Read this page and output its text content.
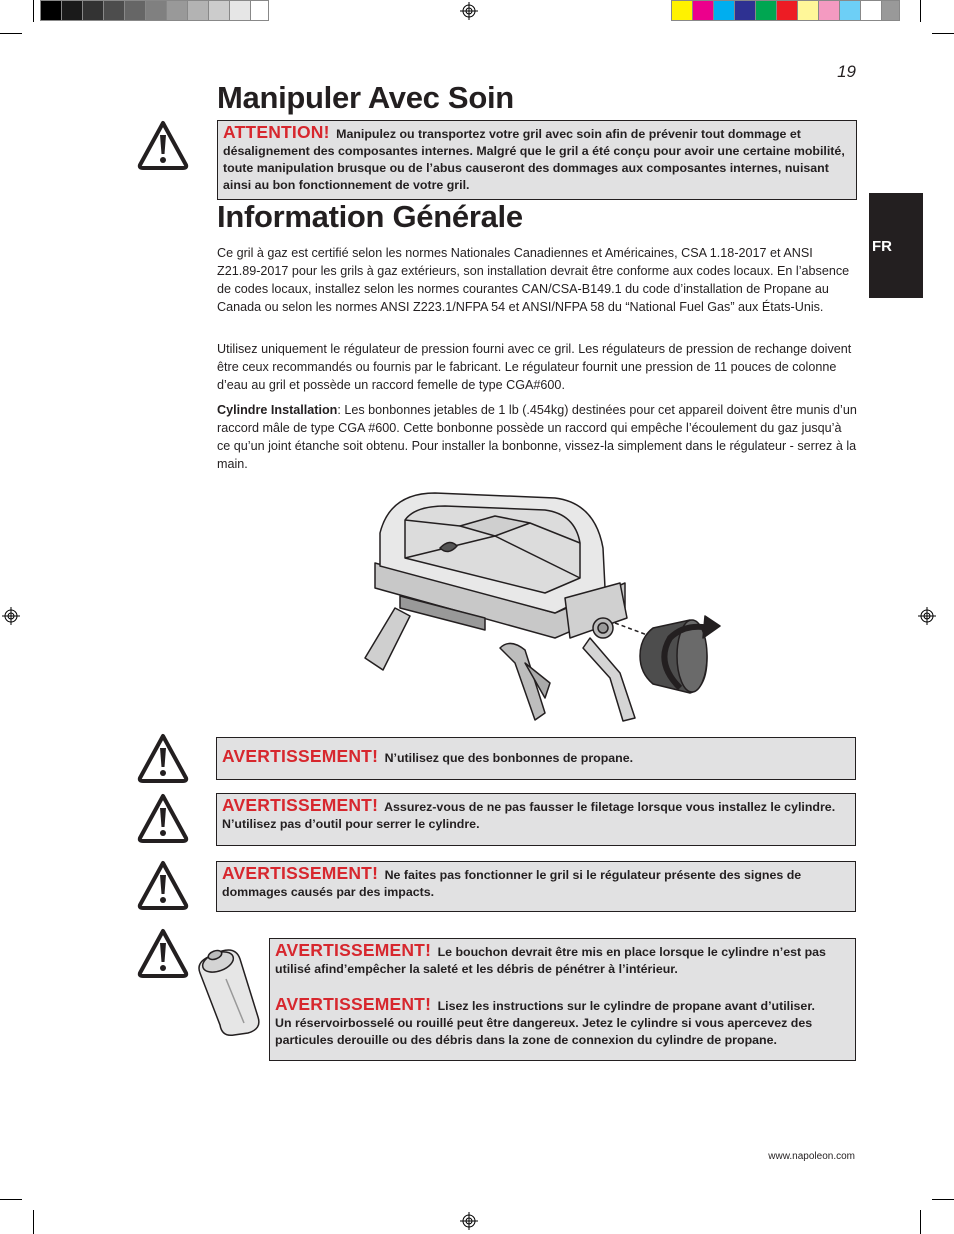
19
FR
Manipuler Avec Soin
ATTENTION! Manipulez ou transportez votre gril avec soin afin de prévenir tout dommage et désalignement des composantes internes. Malgré que le gril a été conçu pour avoir une certaine mobilité, toute manipulation brusque ou de l’abus causeront des dommages aux composantes internes, nuisant ainsi au bon fonctionnement de votre gril.
Information Générale

Ce gril à gaz est certifié selon les normes Nationales Canadiennes et Américaines, CSA 1.18-2017 et ANSI Z21.89-2017 pour les grils à gaz extérieurs, son installation devrait être conforme aux codes locaux. En l’absence de codes locaux, installez selon les normes courantes CAN/CSA-B149.1 du code d’installation de Propane au Canada ou selon les normes ANSI Z223.1/NFPA 54 et ANSI/NFPA 58 du “National Fuel Gas” aux États-Unis.

Utilisez uniquement le régulateur de pression fourni avec ce gril. Les régulateurs de pression de rechange doivent être ceux recommandés ou fournis par le fabricant. Le régulateur fournit une pression de 11 pouces de colonne d’eau au gril et possède un raccord femelle de type CGA#600.

Cylindre Installation: Les bonbonnes jetables de 1 lb (.454kg) destinées pour cet appareil doivent être munis d’un raccord mâle de type CGA #600. Cette bonbonne possède un raccord qui empêche l’écoulement du gaz jusqu’à ce qu’un joint étanche soit obtenu. Pour installer la bonbonne, vissez-la simplement dans le régulateur - serrez à la main.

AVERTISSEMENT! N’utilisez que des bonbonnes de propane.
AVERTISSEMENT! Assurez-vous de ne pas fausser le filetage lorsque vous installez le cylindre. N’utilisez pas d’outil pour serrer le cylindre.
AVERTISSEMENT! Ne faites pas fonctionner le gril si le régulateur présente des signes de dommages causés par des impacts.
AVERTISSEMENT! Le bouchon devrait être mis en place lorsque le cylindre n’est pas utilisé afind’empêcher la saleté et les débris de pénétrer à l’intérieur.
AVERTISSEMENT! Lisez les instructions sur le cylindre de propane avant d’utiliser.
Un réservoirbosselé ou rouillé peut être dangereux. Jetez le cylindre si vous apercevez des particules derouille ou des débris dans la zone de connexion du cylindre de propane.
www.napoleon.com
